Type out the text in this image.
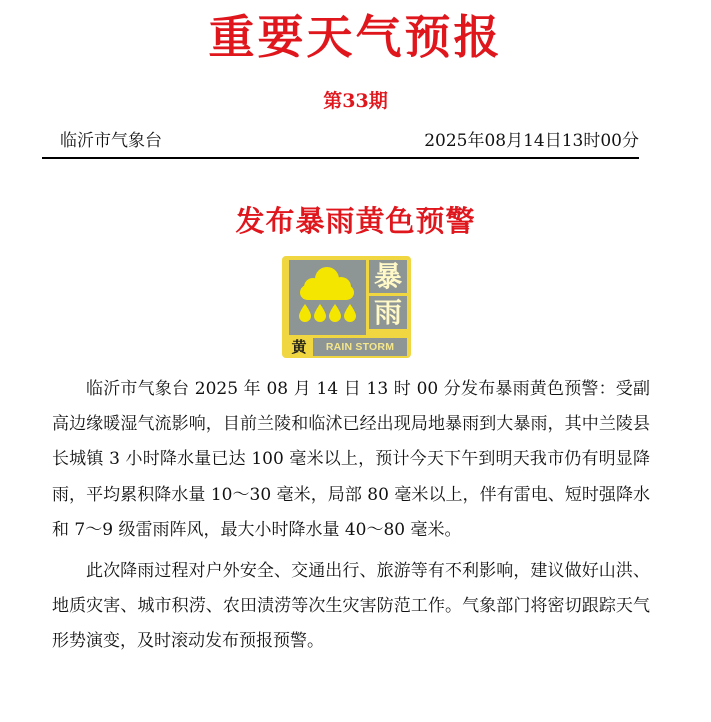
重要天气预报
第33期
临沂市气象台	2025年08月14日13时00分
发布暴雨黄色预警
暴
雨
黄	RAIN STORM

临沂市气象台 2025 年 08 月 14 日 13 时 00 分发布暴雨黄色预警：受副高边缘暖湿气流影响，目前兰陵和临沭已经出现局地暴雨到大暴雨，其中兰陵县长城镇 3 小时降水量已达 100 毫米以上，预计今天下午到明天我市仍有明显降雨，平均累积降水量 10～30 毫米，局部 80 毫米以上，伴有雷电、短时强降水和 7～9 级雷雨阵风，最大小时降水量 40～80 毫米。

此次降雨过程对户外安全、交通出行、旅游等有不利影响，建议做好山洪、地质灾害、城市积涝、农田渍涝等次生灾害防范工作。气象部门将密切跟踪天气形势演变，及时滚动发布预报预警。
